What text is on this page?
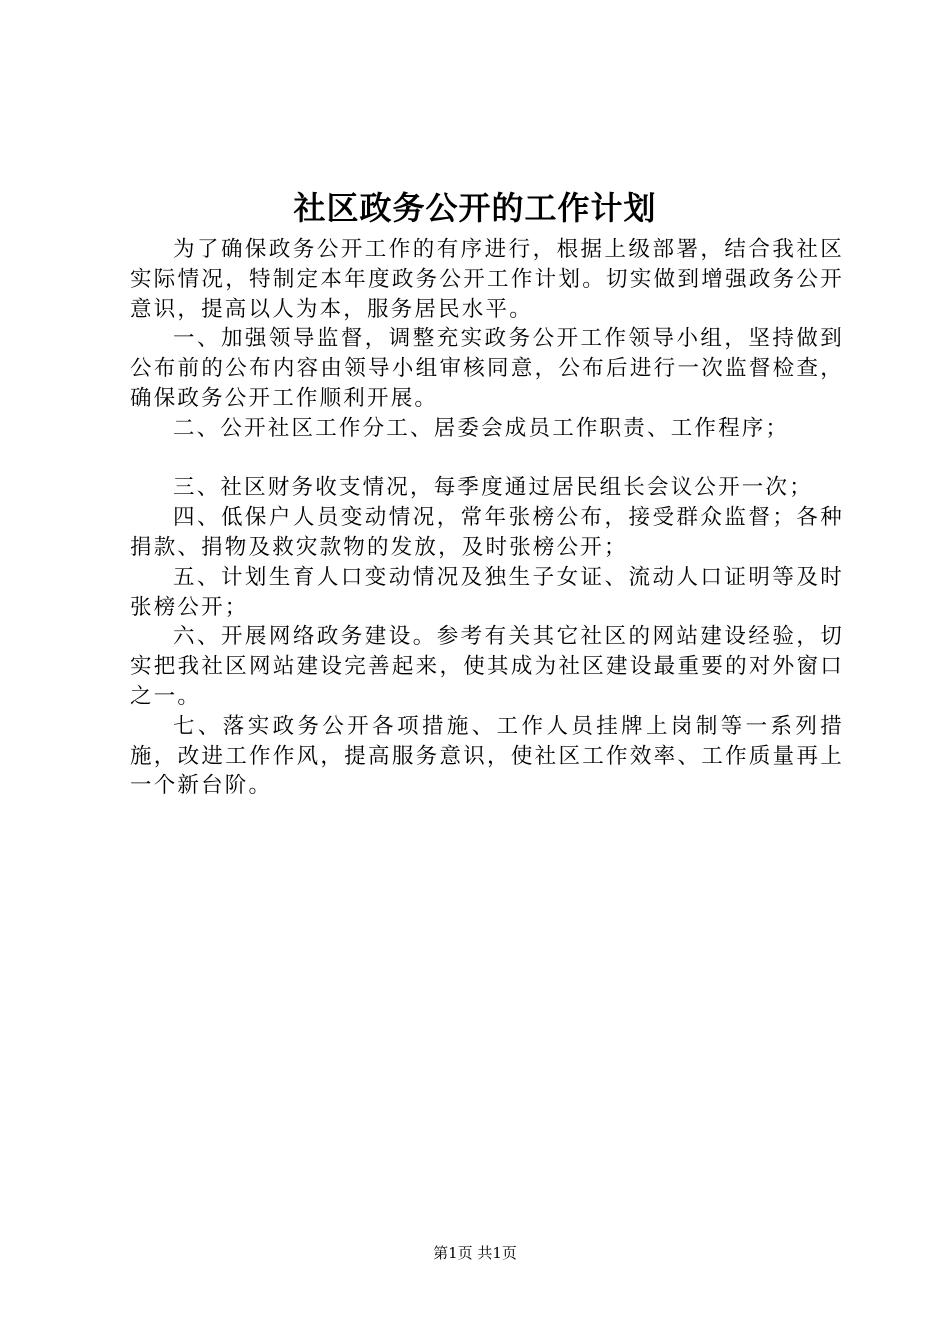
社区政务公开的工作计划

为了确保政务公开工作的有序进行，根据上级部署，结合我社区实际情况，特制定本年度政务公开工作计划。切实做到增强政务公开意识，提高以人为本，服务居民水平。

一、加强领导监督，调整充实政务公开工作领导小组，坚持做到公布前的公布内容由领导小组审核同意，公布后进行一次监督检查，确保政务公开工作顺利开展。

二、公开社区工作分工、居委会成员工作职责、工作程序；

三、社区财务收支情况，每季度通过居民组长会议公开一次；

四、低保户人员变动情况，常年张榜公布，接受群众监督；各种捐款、捐物及救灾款物的发放，及时张榜公开；

五、计划生育人口变动情况及独生子女证、流动人口证明等及时张榜公开；

六、开展网络政务建设。参考有关其它社区的网站建设经验，切实把我社区网站建设完善起来，使其成为社区建设最重要的对外窗口之一。

七、落实政务公开各项措施、工作人员挂牌上岗制等一系列措施，改进工作作风，提高服务意识，使社区工作效率、工作质量再上一个新台阶。

第1页 共1页
